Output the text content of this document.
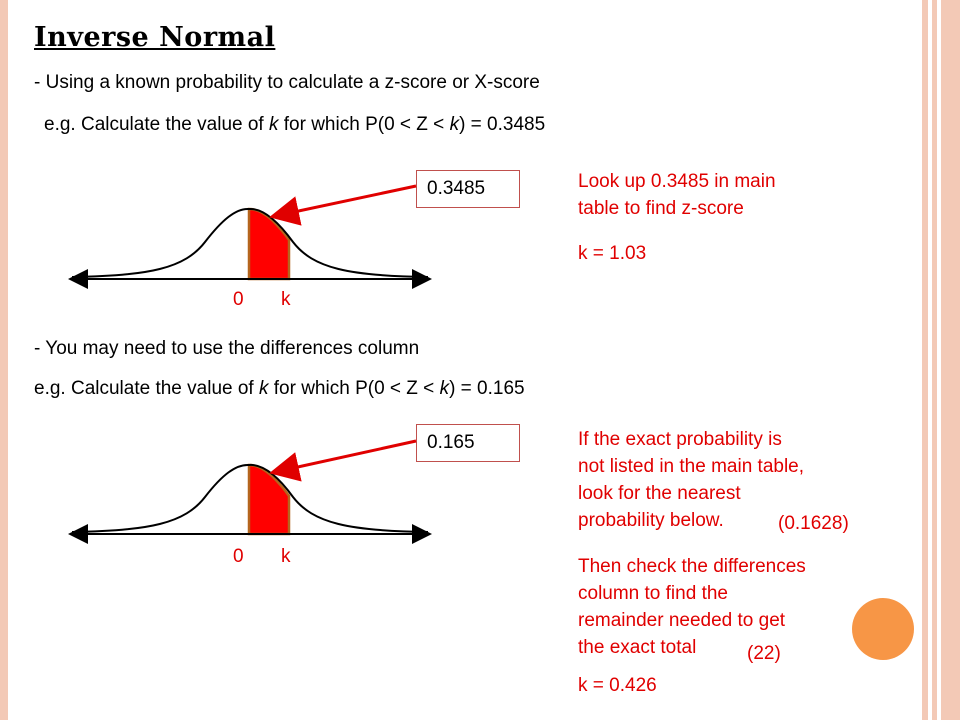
Inverse Normal
- Using a known probability to calculate a z-score or X-score
e.g. Calculate the value of k for which P(0 < Z < k) = 0.3485
0.3485	Look up 0.3485 in main
table to find z-score
k = 1.03
0 k
- You may need to use the differences column
e.g. Calculate the value of k for which P(0 < Z < k) = 0.165
0.165	If the exact probability is
not listed in the main table,
look for the nearest
probability below.	(0.1628)
Then check the differences
column to find the
remainder needed to get
the exact total	(22)
k = 0.426
0 k
